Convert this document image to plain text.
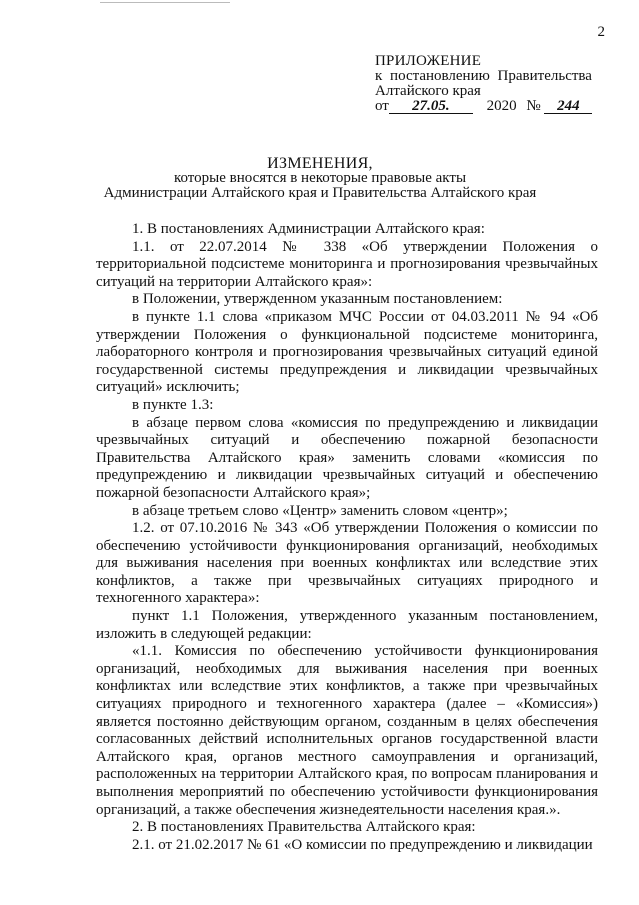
2
ПРИЛОЖЕНИЕ
к постановлению Правительства
Алтайского края
от 27.05. 2020 № 244
ИЗМЕНЕНИЯ,
которые вносятся в некоторые правовые акты
Администрации Алтайского края и Правительства Алтайского края

1. В постановлениях Администрации Алтайского края:

1.1. от 22.07.2014 № 338 «Об утверждении Положения о территориальной подсистеме мониторинга и прогнозирования чрезвычайных ситуаций на территории Алтайского края»:

в Положении, утвержденном указанным постановлением:

в пункте 1.1 слова «приказом МЧС России от 04.03.2011 № 94 «Об утверждении Положения о функциональной подсистеме мониторинга, лабораторного контроля и прогнозирования чрезвычайных ситуаций единой государственной системы предупреждения и ликвидации чрезвычайных ситуаций» исключить;

в пункте 1.3:

в абзаце первом слова «комиссия по предупреждению и ликвидации чрезвычайных ситуаций и обеспечению пожарной безопасности Правительства Алтайского края» заменить словами «комиссия по предупреждению и ликвидации чрезвычайных ситуаций и обеспечению пожарной безопасности Алтайского края»;

в абзаце третьем слово «Центр» заменить словом «центр»;

1.2. от 07.10.2016 № 343 «Об утверждении Положения о комиссии по обеспечению устойчивости функционирования организаций, необходимых для выживания населения при военных конфликтах или вследствие этих конфликтов, а также при чрезвычайных ситуациях природного и техногенного характера»:

пункт 1.1 Положения, утвержденного указанным постановлением, изложить в следующей редакции:

«1.1. Комиссия по обеспечению устойчивости функционирования организаций, необходимых для выживания населения при военных конфликтах или вследствие этих конфликтов, а также при чрезвычайных ситуациях природного и техногенного характера (далее – «Комиссия») является постоянно действующим органом, созданным в целях обеспечения согласованных действий исполнительных органов государственной власти Алтайского края, органов местного самоуправления и организаций, расположенных на территории Алтайского края, по вопросам планирования и выполнения мероприятий по обеспечению устойчивости функционирования организаций, а также обеспечения жизнедеятельности населения края.».

2. В постановлениях Правительства Алтайского края:

2.1. от 21.02.2017 № 61 «О комиссии по предупреждению и ликвидации
